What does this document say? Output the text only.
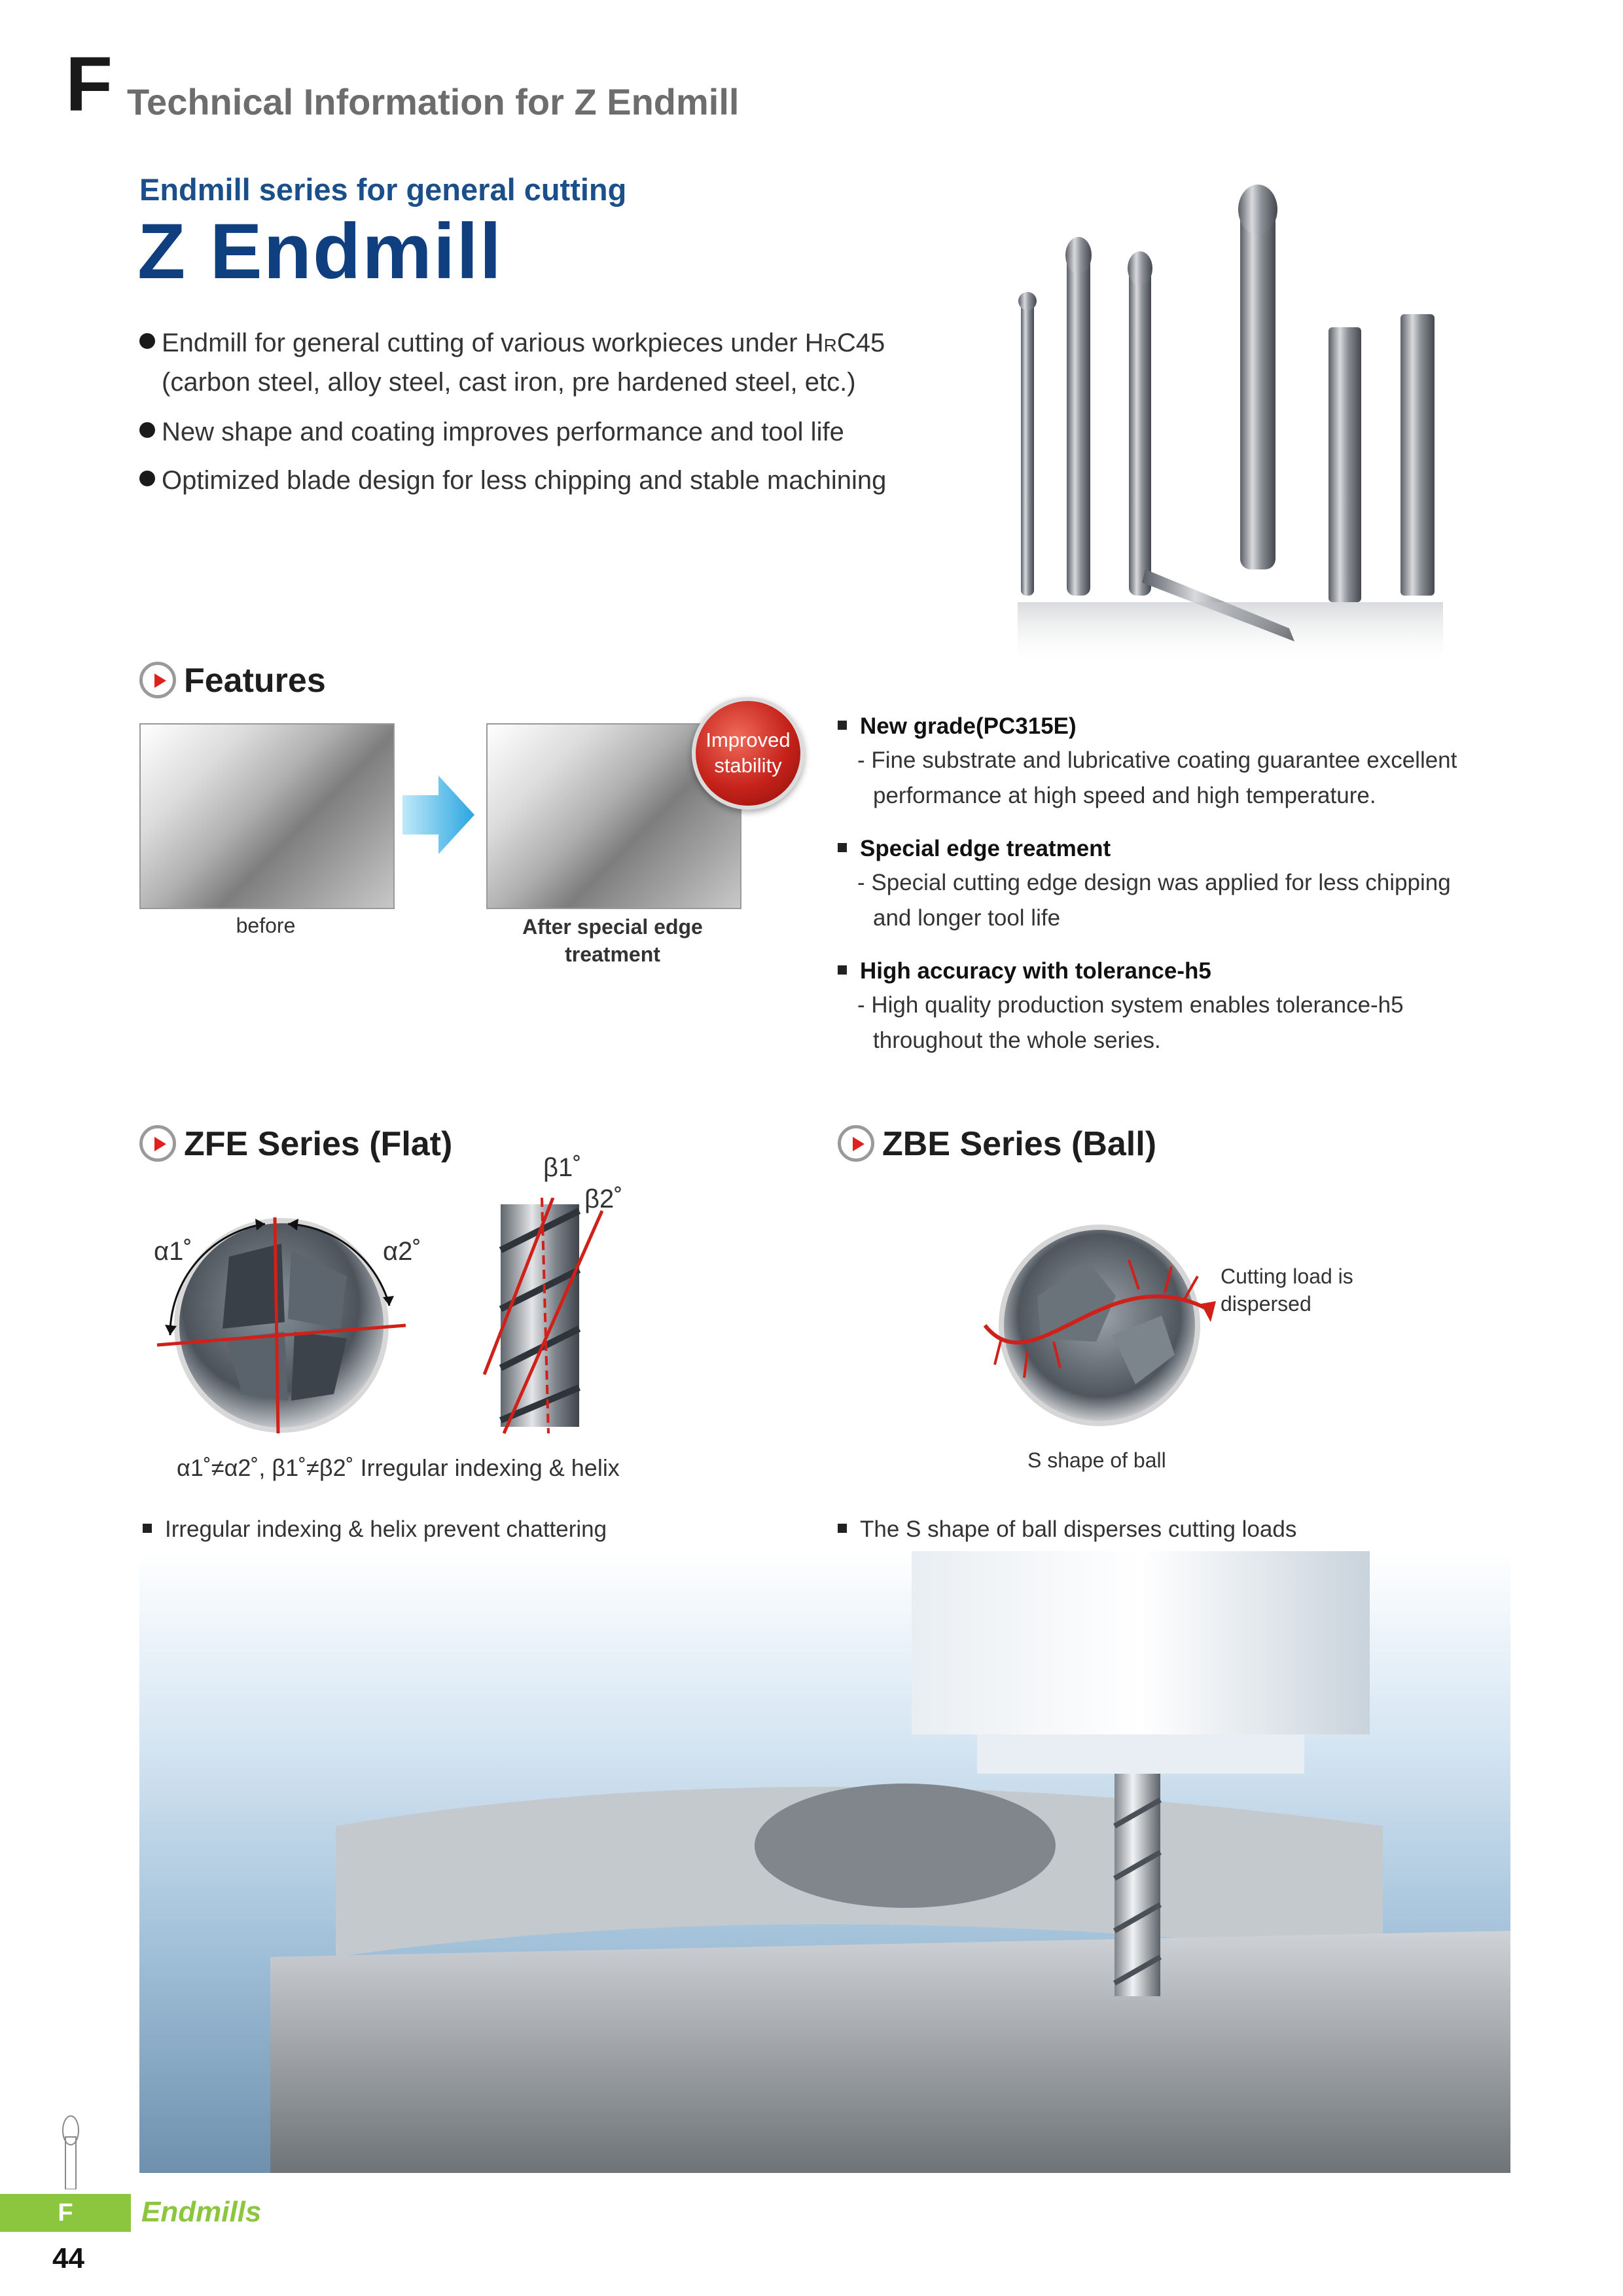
F Technical Information for Z Endmill
Endmill series for general cutting
Z Endmill
Endmill for general cutting of various workpieces under HRC45
(carbon steel, alloy steel, cast iron, pre hardened steel, etc.)
New shape and coating improves performance and tool life
Optimized blade design for less chipping and stable machining
Features
Improved
stability
before	After special edge
treatment
New grade(PC315E)
- Fine substrate and lubricative coating guarantee excellent
performance at high speed and high temperature.
Special edge treatment
- Special cutting edge design was applied for less chipping
and longer tool life
High accuracy with tolerance-h5
- High quality production system enables tolerance-h5
throughout the whole series.
ZFE Series (Flat)
α1˚	α2˚
β1˚
β2˚
α1˚≠α2˚, β1˚≠β2˚ Irregular indexing & helix
Irregular indexing & helix prevent chattering
ZBE Series (Ball)
Cutting load is
dispersed
S shape of ball
The S shape of ball disperses cutting loads
F	Endmills
44
